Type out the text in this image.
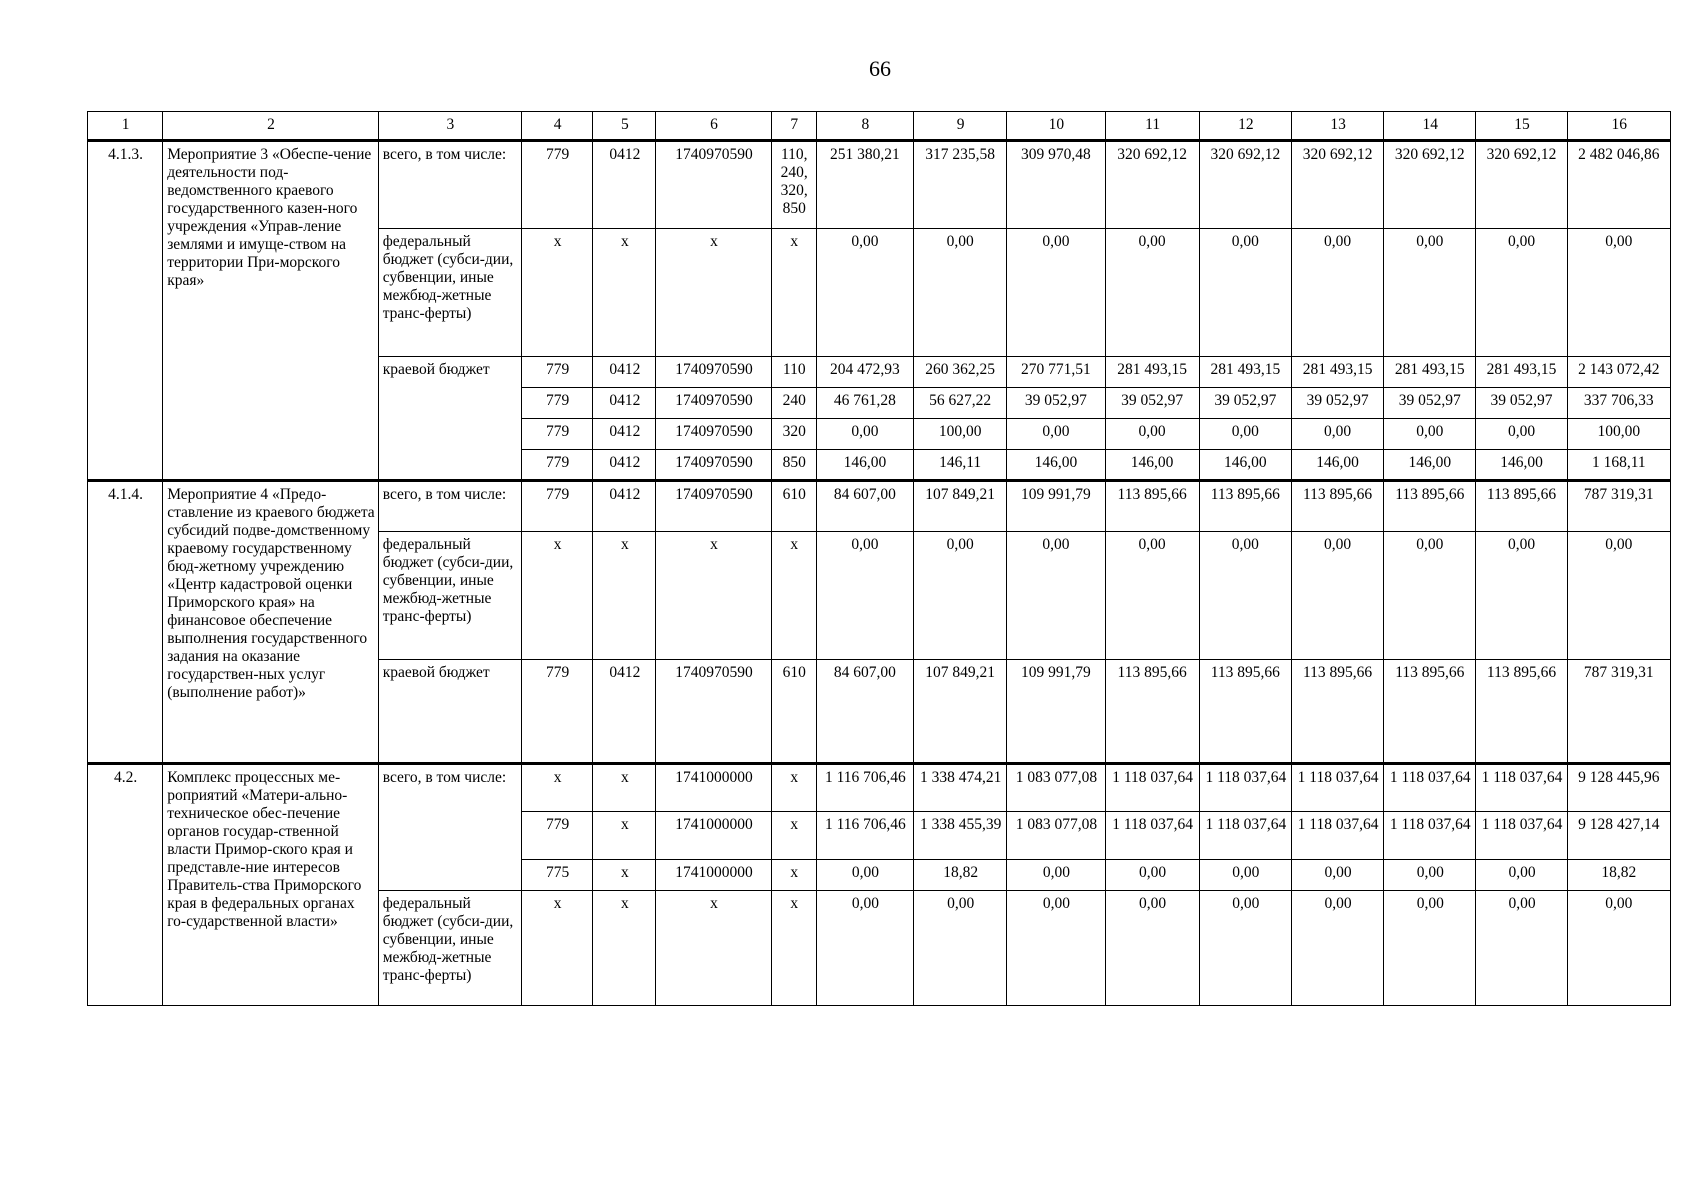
66
1	2	3	4	5	6	7	8	9	10	11	12	13	14	15	16
4.1.3.	Мероприятие 3 «Обеспе-чение деятельности под-ведомственного краевого государственного казен-ного учреждения «Управ-ление землями и имуще-ством на территории При-морского края»	всего, в том числе:	779	0412	1740970590	110, 240, 320, 850	251 380,21	317 235,58	309 970,48	320 692,12	320 692,12	320 692,12	320 692,12	320 692,12	2 482 046,86
		федеральный бюджет (субси-дии, субвенции, иные межбюд-жетные транс-ферты)	х	х	х	х	0,00	0,00	0,00	0,00	0,00	0,00	0,00	0,00	0,00
		краевой бюджет	779	0412	1740970590	110	204 472,93	260 362,25	270 771,51	281 493,15	281 493,15	281 493,15	281 493,15	281 493,15	2 143 072,42
			779	0412	1740970590	240	46 761,28	56 627,22	39 052,97	39 052,97	39 052,97	39 052,97	39 052,97	39 052,97	337 706,33
			779	0412	1740970590	320	0,00	100,00	0,00	0,00	0,00	0,00	0,00	0,00	100,00
			779	0412	1740970590	850	146,00	146,11	146,00	146,00	146,00	146,00	146,00	146,00	1 168,11
4.1.4.	Мероприятие 4 «Предо-ставление из краевого бюджета субсидий подве-домственному краевому государственному бюд-жетному учреждению «Центр кадастровой оценки Приморского края» на финансовое обеспечение выполнения государственного задания на оказание государствен-ных услуг (выполнение работ)»	всего, в том числе:	779	0412	1740970590	610	84 607,00	107 849,21	109 991,79	113 895,66	113 895,66	113 895,66	113 895,66	113 895,66	787 319,31
		федеральный бюджет (субси-дии, субвенции, иные межбюд-жетные транс-ферты)	х	х	х	х	0,00	0,00	0,00	0,00	0,00	0,00	0,00	0,00	0,00
		краевой бюджет	779	0412	1740970590	610	84 607,00	107 849,21	109 991,79	113 895,66	113 895,66	113 895,66	113 895,66	113 895,66	787 319,31
4.2.	Комплекс процессных ме-роприятий «Матери-ально-техническое обес-печение органов государ-ственной власти Примор-ского края и представле-ние интересов Правитель-ства Приморского края в федеральных органах го-сударственной власти»	всего, в том числе:	х	х	1741000000	х	1 116 706,46	1 338 474,21	1 083 077,08	1 118 037,64	1 118 037,64	1 118 037,64	1 118 037,64	1 118 037,64	9 128 445,96
			779	х	1741000000	х	1 116 706,46	1 338 455,39	1 083 077,08	1 118 037,64	1 118 037,64	1 118 037,64	1 118 037,64	1 118 037,64	9 128 427,14
			775	х	1741000000	х	0,00	18,82	0,00	0,00	0,00	0,00	0,00	0,00	18,82
		федеральный бюджет (субси-дии, субвенции, иные межбюд-жетные транс-ферты)	х	х	х	х	0,00	0,00	0,00	0,00	0,00	0,00	0,00	0,00	0,00
